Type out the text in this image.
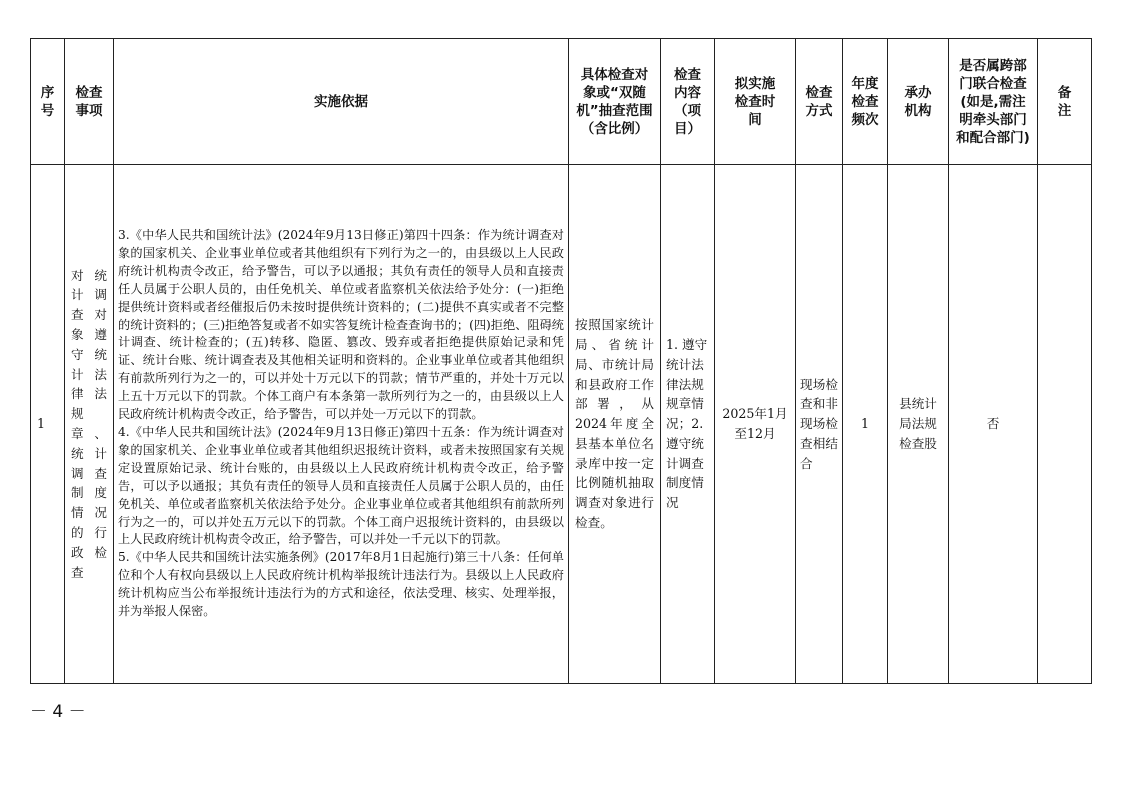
序号	检查事项	实施依据	具体检查对象或“双随机”抽查范围（含比例）	检查内容（项目）	拟实施检查时间	检查方式	年度检查频次	承办机构	是否属跨部门联合检查(如是,需注明牵头部门和配合部门)	备注

1	对统计调查对象遵守统计法律法规章、统计调查制度情况的行政检查	3.《中华人民共和国统计法》(2024年9月13日修正)第四十四条：作为统计调查对象的国家机关、企业事业单位或者其他组织有下列行为之一的，由县级以上人民政府统计机构责令改正，给予警告，可以予以通报；其负有责任的领导人员和直接责任人员属于公职人员的，由任免机关、单位或者监察机关依法给予处分：(一)拒绝提供统计资料或者经催报后仍未按时提供统计资料的；(二)提供不真实或者不完整的统计资料的；(三)拒绝答复或者不如实答复统计检查查询书的；(四)拒绝、阻碍统计调查、统计检查的；(五)转移、隐匿、篡改、毁弃或者拒绝提供原始记录和凭证、统计台账、统计调查表及其他相关证明和资料的。企业事业单位或者其他组织有前款所列行为之一的，可以并处十万元以下的罚款；情节严重的，并处十万元以上五十万元以下的罚款。个体工商户有本条第一款所列行为之一的，由县级以上人民政府统计机构责令改正，给予警告，可以并处一万元以下的罚款。

4.《中华人民共和国统计法》(2024年9月13日修正)第四十五条：作为统计调查对象的国家机关、企业事业单位或者其他组织迟报统计资料，或者未按照国家有关规定设置原始记录、统计台账的，由县级以上人民政府统计机构责令改正，给予警告，可以予以通报；其负有责任的领导人员和直接责任人员属于公职人员的，由任免机关、单位或者监察机关依法给予处分。企业事业单位或者其他组织有前款所列行为之一的，可以并处五万元以下的罚款。个体工商户迟报统计资料的，由县级以上人民政府统计机构责令改正，给予警告，可以并处一千元以下的罚款。

5.《中华人民共和国统计法实施条例》(2017年8月1日起施行)第三十八条：任何单位和个人有权向县级以上人民政府统计机构举报统计违法行为。县级以上人民政府统计机构应当公布举报统计违法行为的方式和途径，依法受理、核实、处理举报，并为举报人保密。	按照国家统计局、省统计局、市统计局和县政府工作部署，从2024年度全县基本单位名录库中按一定比例随机抽取调查对象进行检查。	1. 遵守统计法律法规规章情况；2. 遵守统计调查制度情况	2025年1月至12月	现场检查和非现场检查相结合	1	县统计局法规检查股	否	
－ 4 －
